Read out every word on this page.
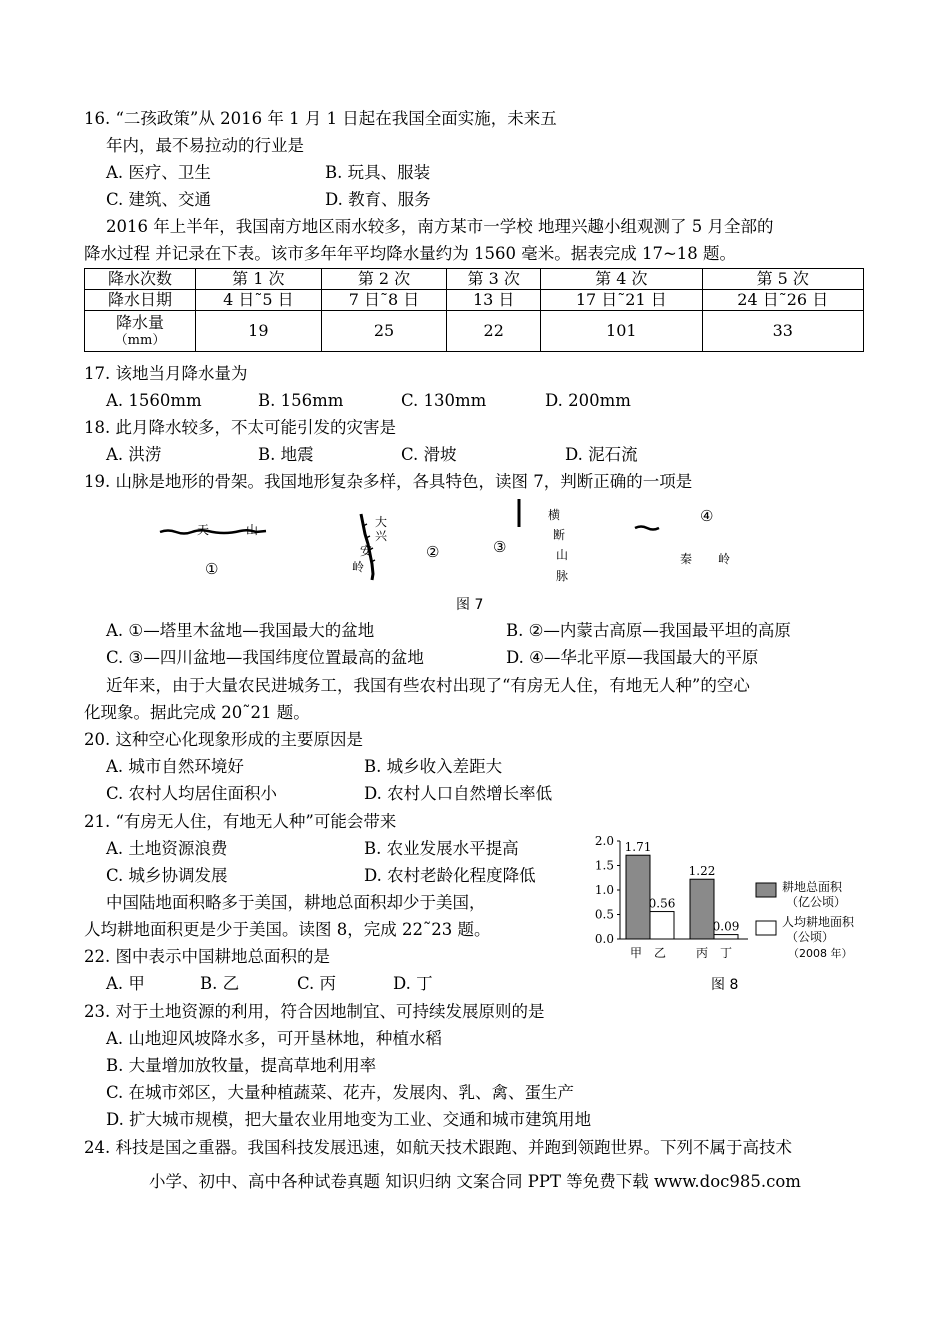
16. “二孩政策”从 2016 年 1 月 1 日起在我国全面实施，未来五
年内，最不易拉动的行业是
A. 医疗、卫生	B. 玩具、服装
C. 建筑、交通	D. 教育、服务
2016 年上半年，我国南方地区雨水较多，南方某市一学校 地理兴趣小组观测了 5 月全部的
降水过程 并记录在下表。该市多年年平均降水量约为 1560 毫米。据表完成 17~18 题。
降水次数	第 1 次	第 2 次	第 3 次	第 4 次	第 5 次
降水日期	4 日˜5 日	7 日˜8 日	13 日	17 日˜21 日	24 日˜26 日

降水量
（mm）	19	25	22	101	33
17. 该地当月降水量为
A. 1560mm	B. 156mm	C. 130mm	D. 200mm
18. 此月降水较多，不太可能引发的灾害是
A. 洪涝	B. 地震	C. 滑坡	D. 泥石流
19. 山脉是地形的骨架。我国地形复杂多样，各具特色，读图 7，判断正确的一项是
天	山
①
大
兴
安
岭
②	③
横
断
山
脉
④
秦 岭
图 7
A. ①—塔里木盆地—我国最大的盆地	B. ②—内蒙古高原—我国最平坦的高原
C. ③—四川盆地—我国纬度位置最高的盆地	D. ④—华北平原—我国最大的平原
近年来，由于大量农民进城务工，我国有些农村出现了“有房无人住，有地无人种”的空心
化现象。据此完成 20˜21 题。
20. 这种空心化现象形成的主要原因是
A. 城市自然环境好	B. 城乡收入差距大
C. 农村人均居住面积小	D. 农村人口自然增长率低
21. “有房无人住，有地无人种”可能会带来
A. 土地资源浪费	B. 农业发展水平提高
C. 城乡协调发展	D. 农村老龄化程度降低
中国陆地面积略多于美国，耕地总面积却少于美国，
人均耕地面积更是少于美国。读图 8，完成 22˜23 题。
22. 图中表示中国耕地总面积的是
A. 甲	B. 乙	C. 丙	D. 丁
0.0
0.5
1.0
1.5
2.0 1.71
0.56
1.22
0.09
甲 乙 丙 丁
耕地总面积
（亿公顷）
人均耕地面积
（公顷）
（2008 年）
图 8
23. 对于土地资源的利用，符合因地制宜、可持续发展原则的是
A. 山地迎风坡降水多，可开垦林地，种植水稻
B. 大量增加放牧量，提高草地利用率
C. 在城市郊区，大量种植蔬菜、花卉，发展肉、乳、禽、蛋生产
D. 扩大城市规模，把大量农业用地变为工业、交通和城市建筑用地
24. 科技是国之重器。我国科技发展迅速，如航天技术跟跑、并跑到领跑世界。下列不属于高技术
小学、初中、高中各种试卷真题 知识归纳 文案合同 PPT 等免费下载 www.doc985.com
